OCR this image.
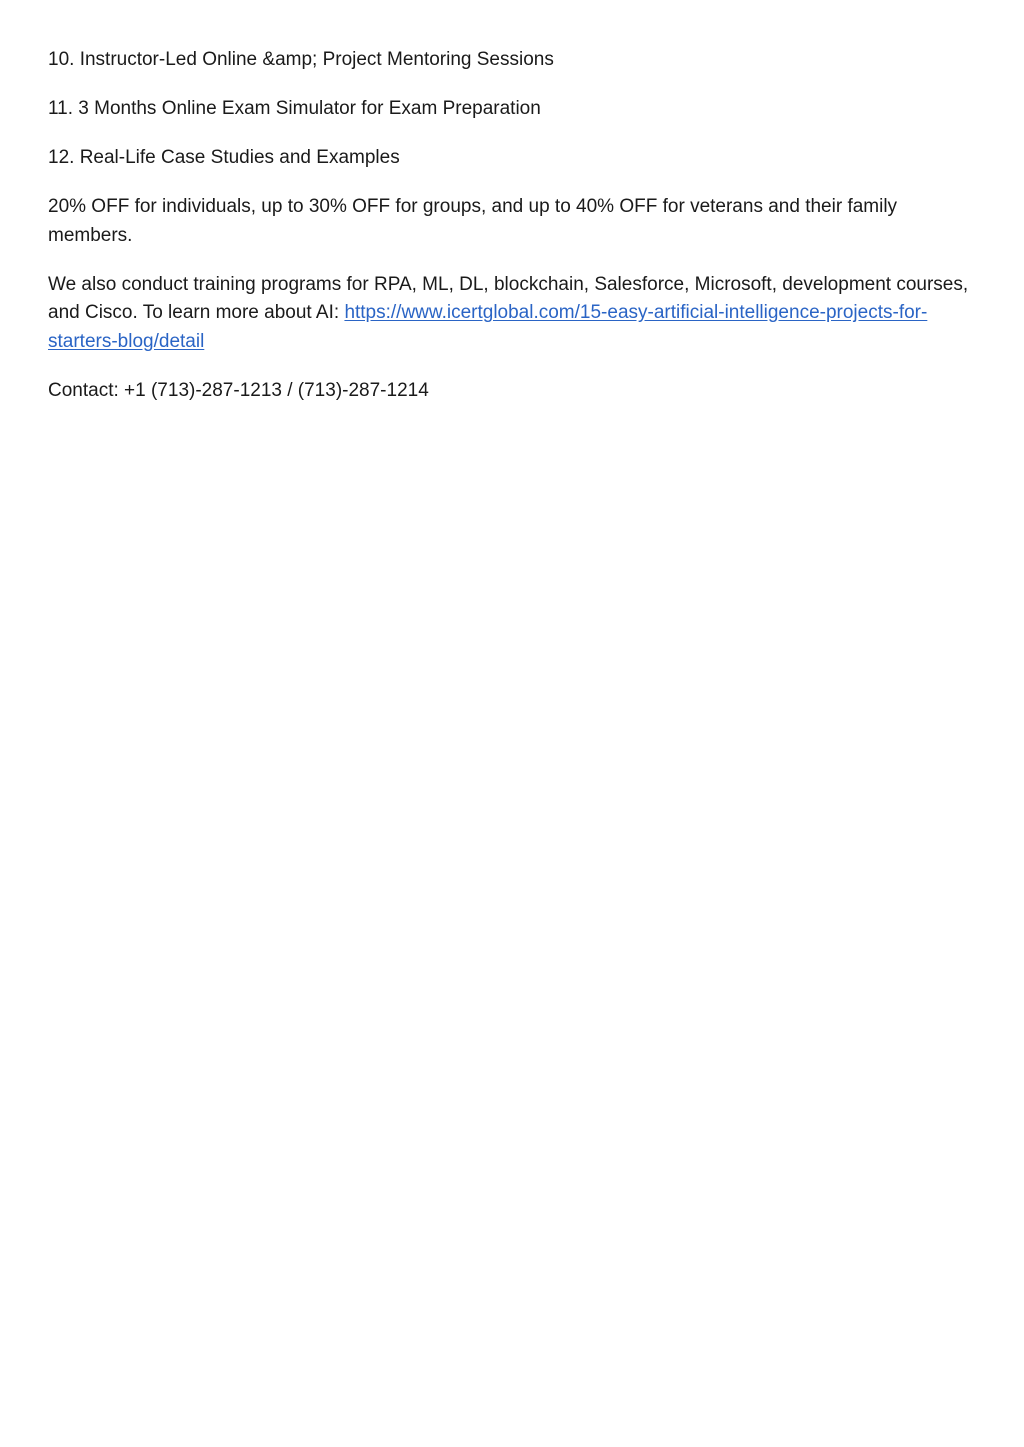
10. Instructor-Led Online &amp; Project Mentoring Sessions

11. 3 Months Online Exam Simulator for Exam Preparation

12. Real-Life Case Studies and Examples

20% OFF for individuals, up to 30% OFF for groups, and up to 40% OFF for veterans and their family members.

We also conduct training programs for RPA, ML, DL, blockchain, Salesforce, Microsoft, development courses, and Cisco. To learn more about AI: https://www.icertglobal.com/15-easy-artificial-intelligence-projects-for-starters-blog/detail

Contact: +1 (713)-287-1213 / (713)-287-1214
